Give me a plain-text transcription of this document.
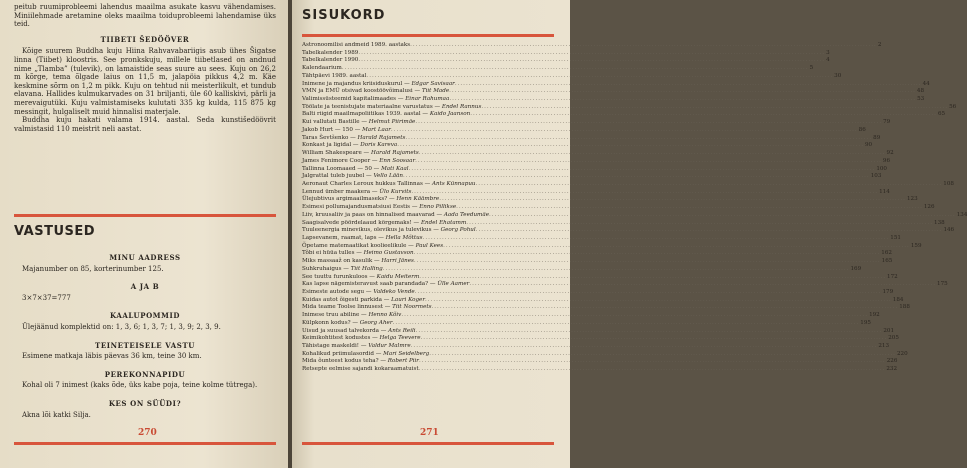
peitub ruumiprobleemi lahendus maailma asukate kasvu vähendamises. Miniilehmade aretamine oleks maailma toiduprobleemi lahendamise üks teid.

TIIBETI ŠEDÖÖVER

Kõige suurem Buddha kuju Hiina Rahvavabariigis asub ühes Šigatse linna (Tiibet) kloostris. See pronkskuju, millele tiibetlased on andnud nime „Tlamba” (tulevik), on lamaistide seas suure au sees. Kuju on 26,2 m kõrge, tema õlgade laius on 11,5 m, jalapöia pikkus 4,2 m. Käe keskmine sõrm on 1,2 m pikk. Kuju on tehtud nii meisterlikult, et tundub elavana. Hallides kulmukarvades on 31 briljanti, üle 60 kalliskivi, pärli ja merevaigutüki. Kuju valmistamiseks kulutati 335 kg kulda, 115 875 kg messingit, hulgaliselt muid hinnalisi materjale.

Buddha kuju hakati valama 1914. aastal. Seda kunstišedöövrit valmistasid 110 meistrit neli aastat.

VASTUSED

MINU AADRESS

Majanumber on 85, korterinumber 125.

A JA B

3×7×37=777

KAALUPOMMID

Ülejäänud komplektid on: 1, 3, 6; 1, 3, 7; 1, 3, 9; 2, 3, 9.

TEINETEISELE VASTU

Esimene matkaja läbis päevas 36 km, teine 30 km.

PEREKONNAPIDU

Kohal oli 7 inimest (kaks õde, üks kabe poja, teine kolme tütrega).

KES ON SÜÜDI?

Akna lõi katki Silja.

270
SISUKORD
Astronoomilisi andmeid 1989. aastaks .....	2
Tabelkalender 1989 .....	3
Tabelkalender 1990 .....	4
Kalendaarium .....	5
Tähtpäevi 1989. aastal .....	30
Inimene ja majandus kriisiduskurul — Edgar Savisaar .....	44
VMN ja EMÜ otsivad koostöövõimalusi — Tiit Made .....	48
Valimissüsteemid kapitalimaades — Einar Rahumaa .....	53
Töölate ja teenistujate materiaalne varustatus — Endel Rannus .....	56
Balti riigid maailmapoliitikas 1939. aastal — Kaido Jaanson .....	65
Kui vallutati Bastille — Helmut Piirimäe .....	79
Jakob Hurt — 150 — Mart Laar .....	86
Taras Ševtšenko — Harald Rajamets .....	89
Konkast ja ligidal — Doris Kareva .....	90
William Shakespeare — Harald Rajamets .....	92
James Fenimore Cooper — Enn Soosaar .....	96
Tallinna Loomaaed — 50 — Mati Kaal .....	100
Jalgrattal tuleb juubel — Vello Lään .....	103
Aeronaut Charles Leroux hukkus Tallinnas — Ants Künnapuu .....	108
Lennud ümber maakera — Ülo Kurvits .....	114
Ülejubtivus argimaailmaseks? — Henn Käämbre .....	123
Esimesi pollumajandusmatsiusi Eestis — Enno Pillikse .....	126
Liiv, kruusaliiv ja paas on hinnalised maavarad — Aada Teedumäe .....	134
Saagisalvede pöördelaaud körgemaks! — Endel Ehatamm .....	138
Tuuleenergia minevikus, olevikus ja tulevikus — Georg Pohul .....	146
Lapsevanem, raamat, laps — Hella Mõttus .....	151
Õpetame matemaatikat koolieelikule — Paul Kees .....	159
Tõbi ei hüüa tulles — Heimo Gustavson .....	162
Miks massaaž on kasulik — Harri Jänes .....	165
Suhkruhaigus — Tiit Halling .....	169
See tuuttu furunkuloos — Kaidu Meiterm .....	172
Kas lapse nägemisteravust saab parandada? — Ülle Aamer .....	175
Esimeste autode segu — Valdeko Vende .....	179
Kuidas autot õigesti parkida — Lauri Koger .....	184
Mida teame Toolse linnusest — Tiit Noormets .....	188
Inimese truu abiline — Henno Kõiv .....	192
Külpkonn kodus? — Georg Aher .....	195
Uisud ja suusad talvekorda — Ants Reili .....	201
Keimikohtitest kodustes — Helga Teevere .....	205
Tähistage maskeldi! — Valdur Malmre .....	213
Kohalikud priimulasordid — Mari Seidelberg .....	220
Mida õunteest kodus teha? — Robert Piir .....	226
Retsepte eelmise sajandi kokaraamatuist .....	232
271
